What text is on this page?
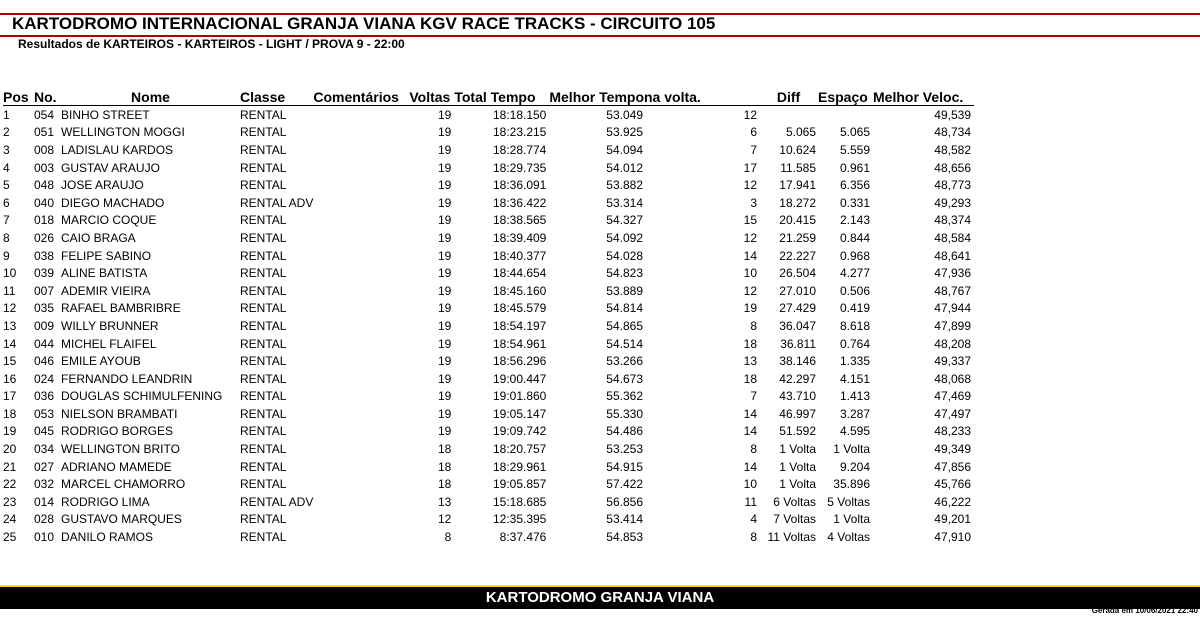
KARTODROMO INTERNACIONAL GRANJA VIANA KGV RACE TRACKS - CIRCUITO 105
Resultados de KARTEIROS - KARTEIROS - LIGHT / PROVA 9 - 22:00
Pos	No.	Nome	Classe	Comentários	Voltas	Total Tempo	Melhor Tempo	na volta.	Diff	Espaço	Melhor Veloc.
1	054	BINHO STREET	RENTAL		19	18:18.150	53.049	12			49,539
2	051	WELLINGTON MOGGI	RENTAL		19	18:23.215	53.925	6	5.065	5.065	48,734
3	008	LADISLAU KARDOS	RENTAL		19	18:28.774	54.094	7	10.624	5.559	48,582
4	003	GUSTAV ARAUJO	RENTAL		19	18:29.735	54.012	17	11.585	0.961	48,656
5	048	JOSE ARAUJO	RENTAL		19	18:36.091	53.882	12	17.941	6.356	48,773
6	040	DIEGO MACHADO	RENTAL ADV		19	18:36.422	53.314	3	18.272	0.331	49,293
7	018	MARCIO COQUE	RENTAL		19	18:38.565	54.327	15	20.415	2.143	48,374
8	026	CAIO BRAGA	RENTAL		19	18:39.409	54.092	12	21.259	0.844	48,584
9	038	FELIPE SABINO	RENTAL		19	18:40.377	54.028	14	22.227	0.968	48,641
10	039	ALINE BATISTA	RENTAL		19	18:44.654	54.823	10	26.504	4.277	47,936
11	007	ADEMIR VIEIRA	RENTAL		19	18:45.160	53.889	12	27.010	0.506	48,767
12	035	RAFAEL BAMBRIBRE	RENTAL		19	18:45.579	54.814	19	27.429	0.419	47,944
13	009	WILLY BRUNNER	RENTAL		19	18:54.197	54.865	8	36.047	8.618	47,899
14	044	MICHEL FLAIFEL	RENTAL		19	18:54.961	54.514	18	36.811	0.764	48,208
15	046	EMILE AYOUB	RENTAL		19	18:56.296	53.266	13	38.146	1.335	49,337
16	024	FERNANDO LEANDRIN	RENTAL		19	19:00.447	54.673	18	42.297	4.151	48,068
17	036	DOUGLAS SCHIMULFENING	RENTAL		19	19:01.860	55.362	7	43.710	1.413	47,469
18	053	NIELSON BRAMBATI	RENTAL		19	19:05.147	55.330	14	46.997	3.287	47,497
19	045	RODRIGO BORGES	RENTAL		19	19:09.742	54.486	14	51.592	4.595	48,233
20	034	WELLINGTON BRITO	RENTAL		18	18:20.757	53.253	8	1 Volta	1 Volta	49,349
21	027	ADRIANO MAMEDE	RENTAL		18	18:29.961	54.915	14	1 Volta	9.204	47,856
22	032	MARCEL CHAMORRO	RENTAL		18	19:05.857	57.422	10	1 Volta	35.896	45,766
23	014	RODRIGO LIMA	RENTAL ADV		13	15:18.685	56.856	11	6 Voltas	5 Voltas	46,222
24	028	GUSTAVO MARQUES	RENTAL		12	12:35.395	53.414	4	7 Voltas	1 Volta	49,201
25	010	DANILO RAMOS	RENTAL		8	8:37.476	54.853	8	11 Voltas	4 Voltas	47,910
KARTODROMO GRANJA VIANA
Gerada em 10/06/2021 22:40
